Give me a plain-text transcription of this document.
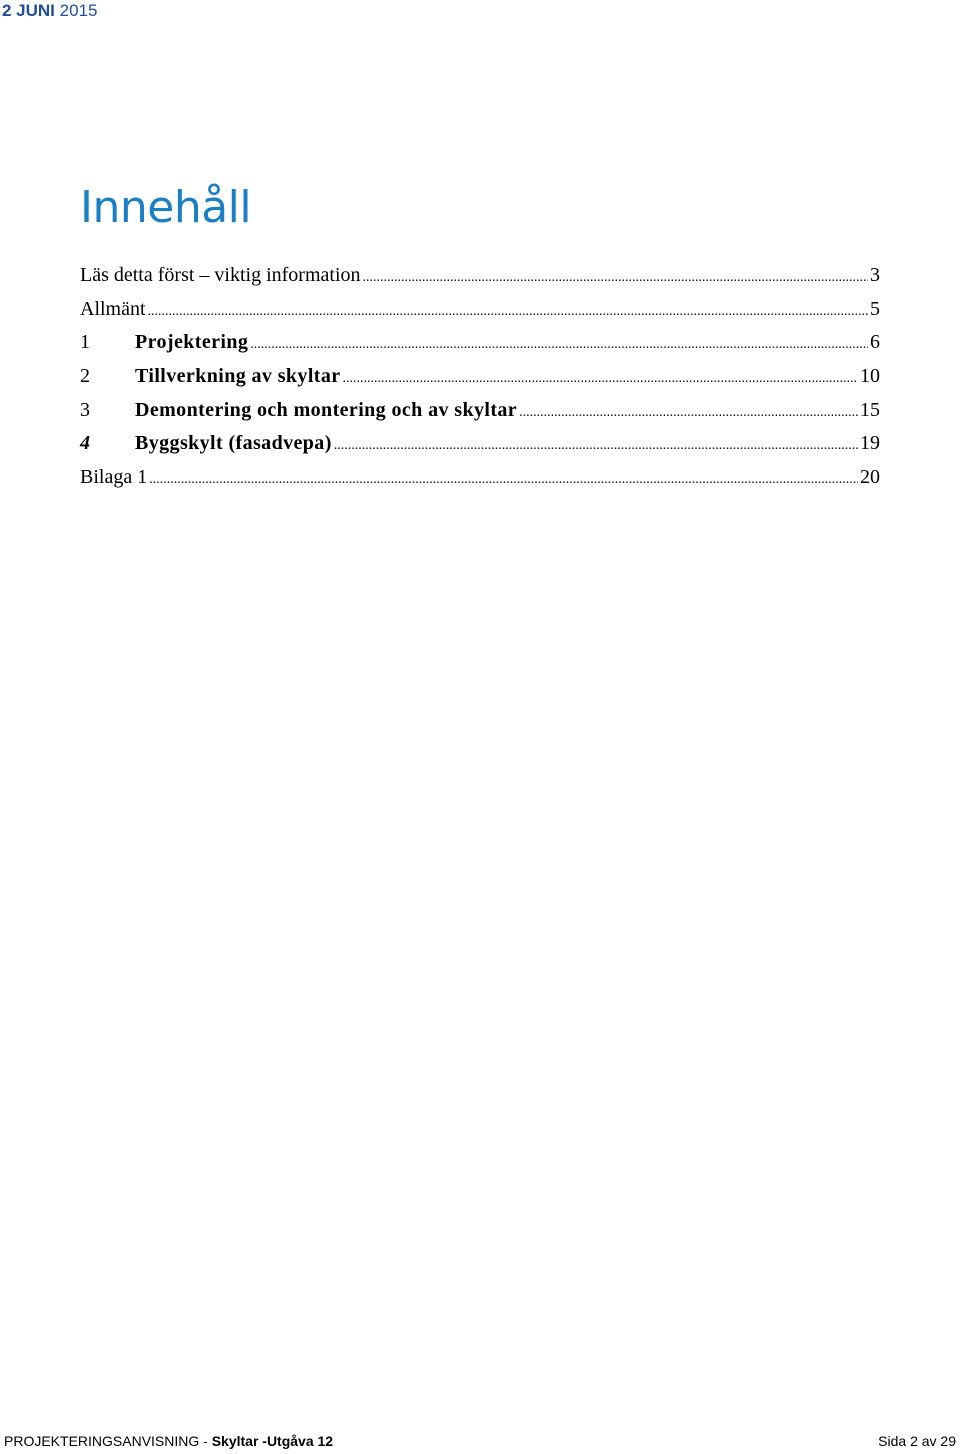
2 JUNI 2015
Innehåll
Läs detta först – viktig information .....	3
Allmänt .....	5
1 Projektering .....	6
2 Tillverkning av skyltar .....	10
3 Demontering och montering och av skyltar .....	15
4 Byggskylt (fasadvepa) .....	19
Bilaga 1 .....	20
PROJEKTERINGSANVISNING - Skyltar -Utgåva 12	Sida 2 av 29
